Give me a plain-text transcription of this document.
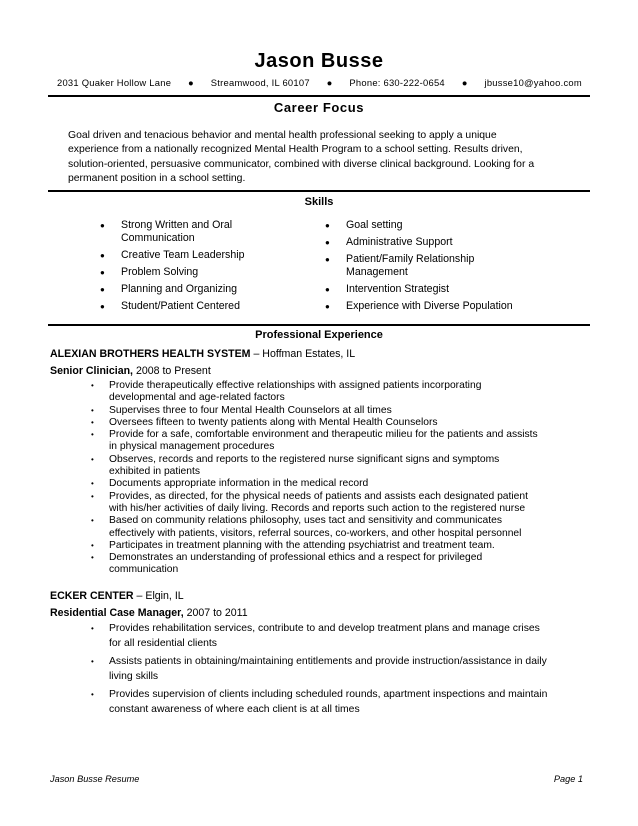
Jason Busse
2031 Quaker Hollow Lane ● Streamwood, IL 60107 ● Phone: 630-222-0654 ● jbusse10@yahoo.com
Career Focus
Goal driven and tenacious behavior and mental health professional seeking to apply a unique
experience from a nationally recognized Mental Health Program to a school setting. Results driven,
solution-oriented, persuasive communicator, combined with diverse clinical background. Looking for a
permanent position in a school setting.
Skills
● Strong Written and Oral
Communication
● Creative Team Leadership
● Problem Solving
● Planning and Organizing
● Student/Patient Centered
● Goal setting
● Administrative Support
● Patient/Family Relationship
Management
● Intervention Strategist
● Experience with Diverse Population
Professional Experience
ALEXIAN BROTHERS HEALTH SYSTEM – Hoffman Estates, IL
Senior Clinician, 2008 to Present
• Provide therapeutically effective relationships with assigned patients incorporating
developmental and age-related factors
• Supervises three to four Mental Health Counselors at all times
• Oversees fifteen to twenty patients along with Mental Health Counselors
• Provide for a safe, comfortable environment and therapeutic milieu for the patients and assists
in physical management procedures
• Observes, records and reports to the registered nurse significant signs and symptoms
exhibited in patients
• Documents appropriate information in the medical record
• Provides, as directed, for the physical needs of patients and assists each designated patient
with his/her activities of daily living. Records and reports such action to the registered nurse
• Based on community relations philosophy, uses tact and sensitivity and communicates
effectively with patients, visitors, referral sources, co-workers, and other hospital personnel
• Participates in treatment planning with the attending psychiatrist and treatment team.
• Demonstrates an understanding of professional ethics and a respect for privileged
communication
ECKER CENTER – Elgin, IL
Residential Case Manager, 2007 to 2011
• Provides rehabilitation services, contribute to and develop treatment plans and manage crises
for all residential clients
• Assists patients in obtaining/maintaining entitlements and provide instruction/assistance in daily
living skills
• Provides supervision of clients including scheduled rounds, apartment inspections and maintain
constant awareness of where each client is at all times
Jason Busse Resume	Page 1
